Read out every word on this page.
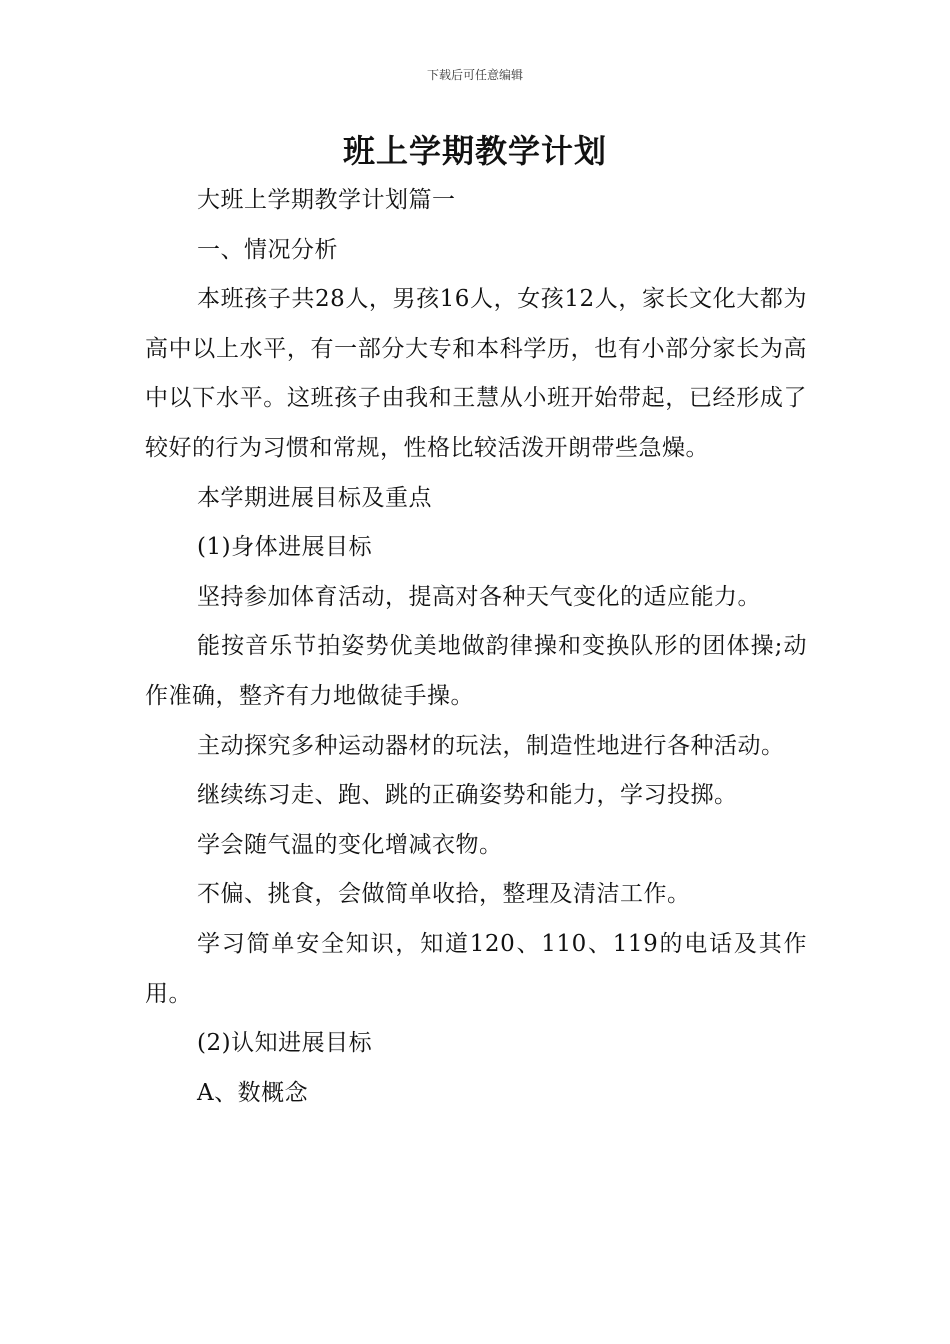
下载后可任意编辑
班上学期教学计划

大班上学期教学计划篇一

一、情况分析

本班孩子共28人，男孩16人，女孩12人，家长文化大都为高中以上水平，有一部分大专和本科学历，也有小部分家长为高中以下水平。这班孩子由我和王慧从小班开始带起，已经形成了较好的行为习惯和常规，性格比较活泼开朗带些急燥。

本学期进展目标及重点

(1)身体进展目标

坚持参加体育活动，提高对各种天气变化的适应能力。

能按音乐节拍姿势优美地做韵律操和变换队形的团体操;动作准确，整齐有力地做徒手操。

主动探究多种运动器材的玩法，制造性地进行各种活动。

继续练习走、跑、跳的正确姿势和能力，学习投掷。

学会随气温的变化增减衣物。

不偏、挑食，会做简单收拾，整理及清洁工作。

学习简单安全知识，知道120、110、119的电话及其作用。

(2)认知进展目标

A、数概念
